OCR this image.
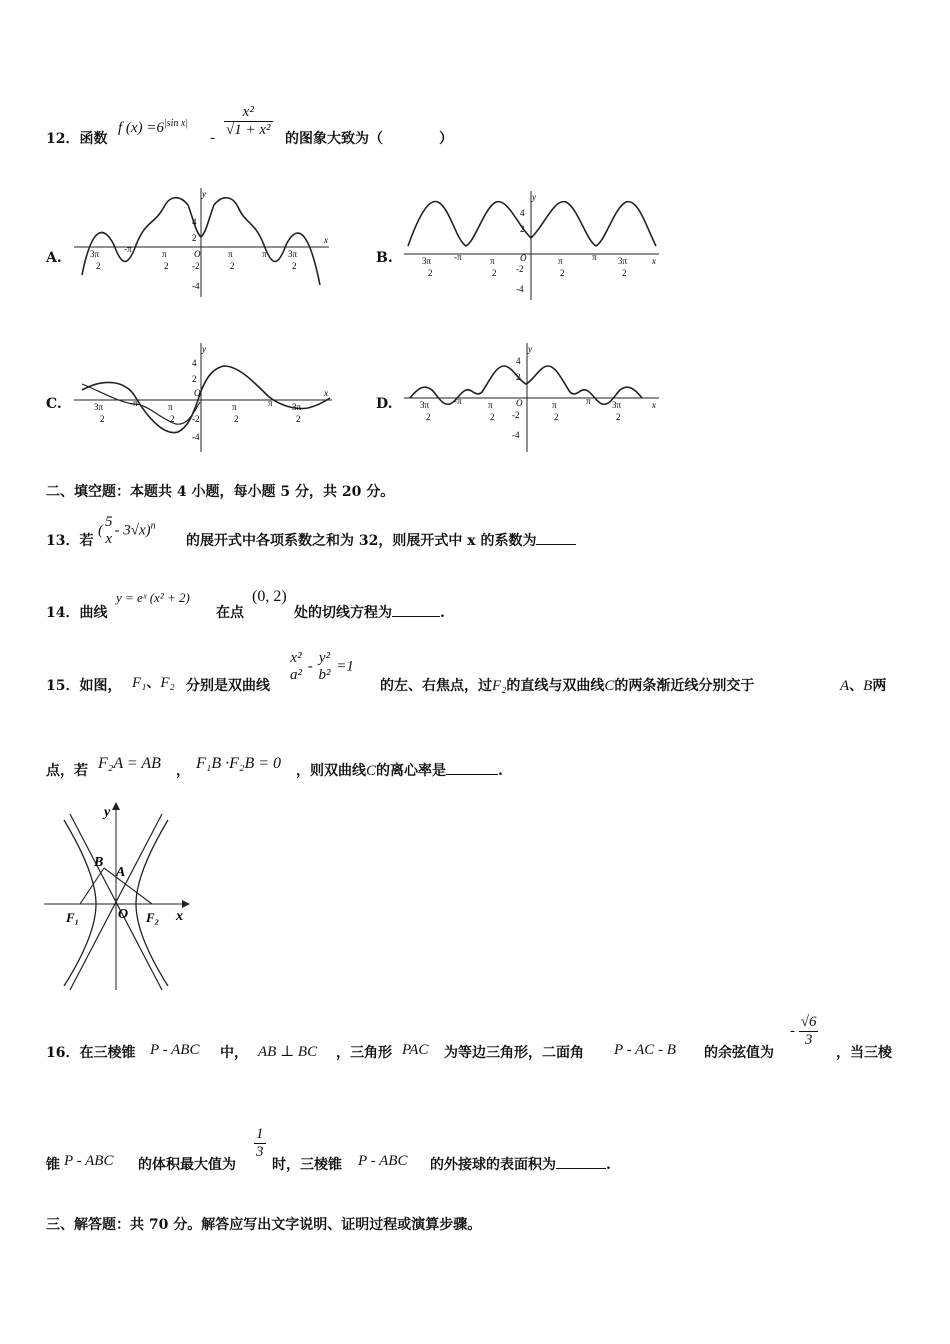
12．函数
f $(x) =6^{|sin x|}$
- $\frac{\text{x²}}{\text{√1 + x²}}$ 的图象大致为（　　　　）
A.	B.
C.	D.
y
x
2
4
-2
-4
O
3π
2
-π	π
2
π
2
π 3π
2
y
x
2
4
-2
-4
O
3π
2
-π	π
2
π
2
π 3π
2
y
x
2
4
-2
-4
O
3π
2
-π	π
2
π
2
π 3π
2
y
x
2
4
-2
-4
O
3π
2
-π	π
2
π
2
π 3π
2
二、填空题：本题共 4 小题，每小题 5 分，共 20 分。
13．若
(
5
x
- 3√x)$^n$
的展开式中各项系数之和为 32，则展开式中 x 的系数为
14．曲线
y = eˣ (x² + 2)
在点
(0, 2)
处的切线方程为	.
15．如图， F₁、F₂ 分别是双曲线
x²
a²
-
y²
b²
=1
的左、右焦点，过F₂的直线与双曲线C的两条渐近线分别交于	A、B两
点，若 F₂A = AB ， F₁B ·F₂B = 0 ，则双曲线C的离心率是	.
y
x
B
A
O
F₁	F₂
16．在三棱锥 P - ABC 中， AB ⊥ BC ，三角形 PAC 为等边三角形，二面角 P - AC - B 的余弦值为
- $\frac{√6}{3}$
，当三棱
锥 P - ABC 的体积最大值为
$\frac{1}{3}$
时，三棱锥 P - ABC 的外接球的表面积为	.
三、解答题：共 70 分。解答应写出文字说明、证明过程或演算步骤。
